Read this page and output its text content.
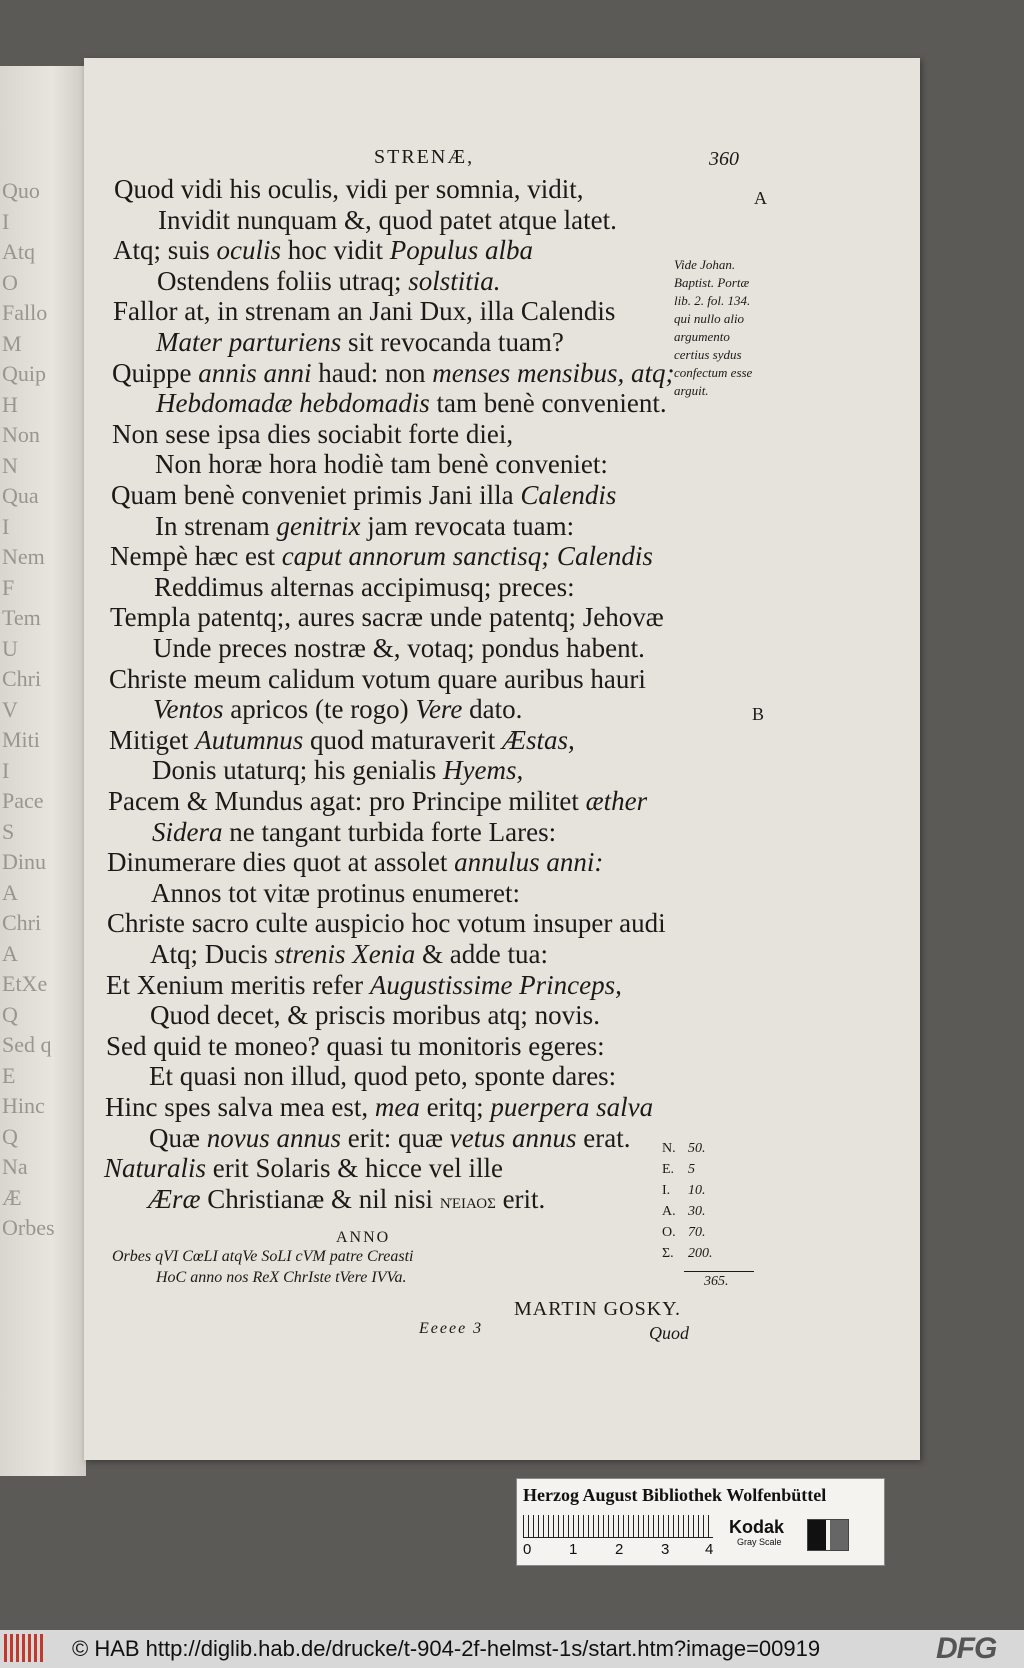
Quo
I
Atq
O
Fallo
M
Quip
H
Non
N
Qua
I
Nem
F
Tem
U
Chri
V
Miti
I
Pace
S
Dinu
A
Chri
A
EtXe
Q
Sed q
E
Hinc
Q
Na
Æ
Orbes
STRENÆ,	360
Quod vidi his oculis, vidi per somnia, vidit,
Invidit nunquam &, quod patet atque latet.
Atq; suis oculis hoc vidit Populus alba
Ostendens foliis utraq; solstitia.
Fallor at, in strenam an Jani Dux, illa Calendis
Mater parturiens sit revocanda tuam?
Quippe annis anni haud: non menses mensibus, atq;
Hebdomadæ hebdomadis tam benè convenient.
Non sese ipsa dies sociabit forte diei,
Non horæ hora hodiè tam benè conveniet:
Quam benè conveniet primis Jani illa Calendis
In strenam genitrix jam revocata tuam:
Nempè hæc est caput annorum sanctisq; Calendis
Reddimus alternas accipimusq; preces:
Templa patentq;, aures sacræ unde patentq; Jehovæ
Unde preces nostræ &, votaq; pondus habent.
Christe meum calidum votum quare auribus hauri
Ventos apricos (te rogo) Vere dato.
Mitiget Autumnus quod maturaverit Æstas,
Donis utaturq; his genialis Hyems,
Pacem & Mundus agat: pro Principe militet æther
Sidera ne tangant turbida forte Lares:
Dinumerare dies quot at assolet annulus anni:
Annos tot vitæ protinus enumeret:
Christe sacro culte auspicio hoc votum insuper audi
Atq; Ducis strenis Xenia & adde tua:
Et Xenium meritis refer Augustissime Princeps,
Quod decet, & priscis moribus atq; novis.
Sed quid te moneo? quasi tu monitoris egeres:
Et quasi non illud, quod peto, sponte dares:
Hinc spes salva mea est, mea eritq; puerpera salva
Quæ novus annus erit: quæ vetus annus erat.
Naturalis erit Solaris & hicce vel ille
Æræ Christianæ & nil nisi νέιαοσ erit.
Vide Johan. Baptist. Portæ lib. 2. fol. 134. qui nullo alio argumento certius sydus confectum esse arguit.
A
B
N. 50.
E. 5
I. 10.
A. 30.
O. 70.
Σ. 200.
365.
ANNO
Orbes qVI CœLI atqVe SoLI cVM patre Creasti
HoC anno nos ReX ChrIste tVere IVVa.
MARTIN GOSKY.
Eeeee 3	Quod
Herzog August Bibliothek Wolfenbüttel
0	1	2	3 4
Kodak
Gray Scale
© HAB http://diglib.hab.de/drucke/t-904-2f-helmst-1s/start.htm?image=00919	DFG
